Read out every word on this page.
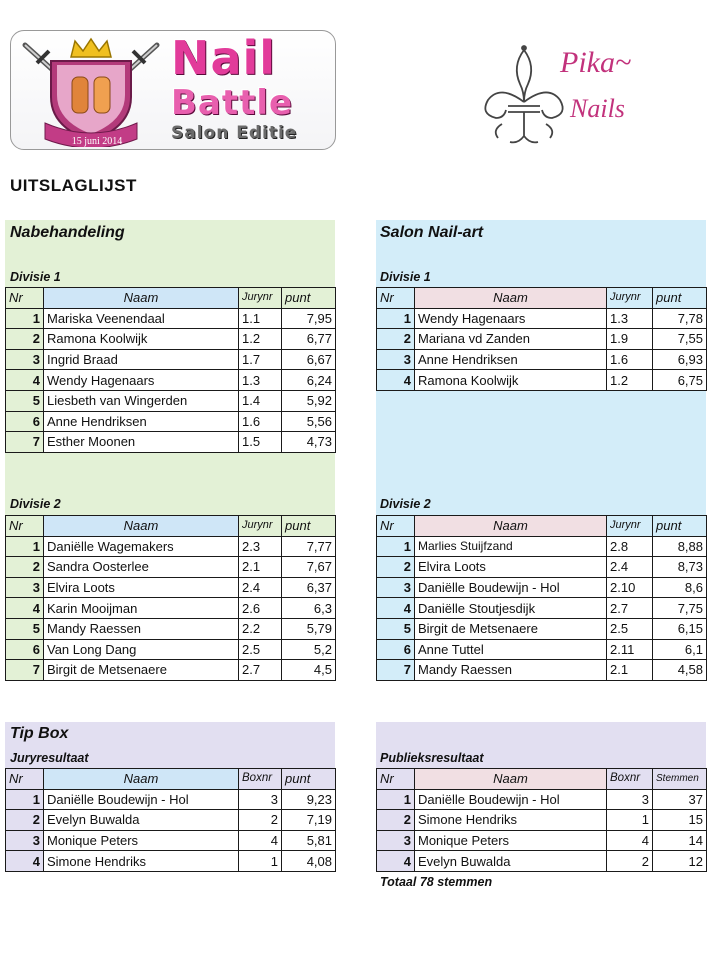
15 juni 2014
Nail
Battle
Salon Editie
Pika~
Nails
UITSLAGLIJST
Nabehandeling
Divisie 1
Nr	Naam	Jurynr	punt
1	Mariska Veenendaal	1.1	7,95
2	Ramona Koolwijk	1.2	6,77
3	Ingrid Braad	1.7	6,67
4	Wendy Hagenaars	1.3	6,24
5	Liesbeth van Wingerden	1.4	5,92
6	Anne Hendriksen	1.6	5,56
7	Esther Moonen	1.5	4,73
Divisie 2
Nr	Naam	Jurynr	punt
1	Daniëlle Wagemakers	2.3	7,77
2	Sandra Oosterlee	2.1	7,67
3	Elvira Loots	2.4	6,37
4	Karin Mooijman	2.6	6,3
5	Mandy Raessen	2.2	5,79
6	Van Long Dang	2.5	5,2
7	Birgit de Metsenaere	2.7	4,5
Salon Nail-art
Divisie 1
Nr	Naam	Jurynr	punt
1	Wendy Hagenaars	1.3	7,78
2	Mariana vd Zanden	1.9	7,55
3	Anne Hendriksen	1.6	6,93
4	Ramona Koolwijk	1.2	6,75
Divisie 2
Nr	Naam	Jurynr	punt
1	Marlies Stuijfzand	2.8	8,88
2	Elvira Loots	2.4	8,73
3	Daniëlle Boudewijn - Hol	2.10	8,6
4	Daniëlle Stoutjesdijk	2.7	7,75
5	Birgit de Metsenaere	2.5	6,15
6	Anne Tuttel	2.11	6,1
7	Mandy Raessen	2.1	4,58
Tip Box
Juryresultaat	Publieksresultaat
Nr	Naam	Boxnr	punt
1	Daniëlle Boudewijn - Hol	3	9,23
2	Evelyn Buwalda	2	7,19
3	Monique Peters	4	5,81
4	Simone Hendriks	1	4,08
Nr	Naam	Boxnr	Stemmen
1	Daniëlle Boudewijn - Hol	3	37
2	Simone Hendriks	1	15
3	Monique Peters	4	14
4	Evelyn Buwalda	2	12
Totaal 78 stemmen
